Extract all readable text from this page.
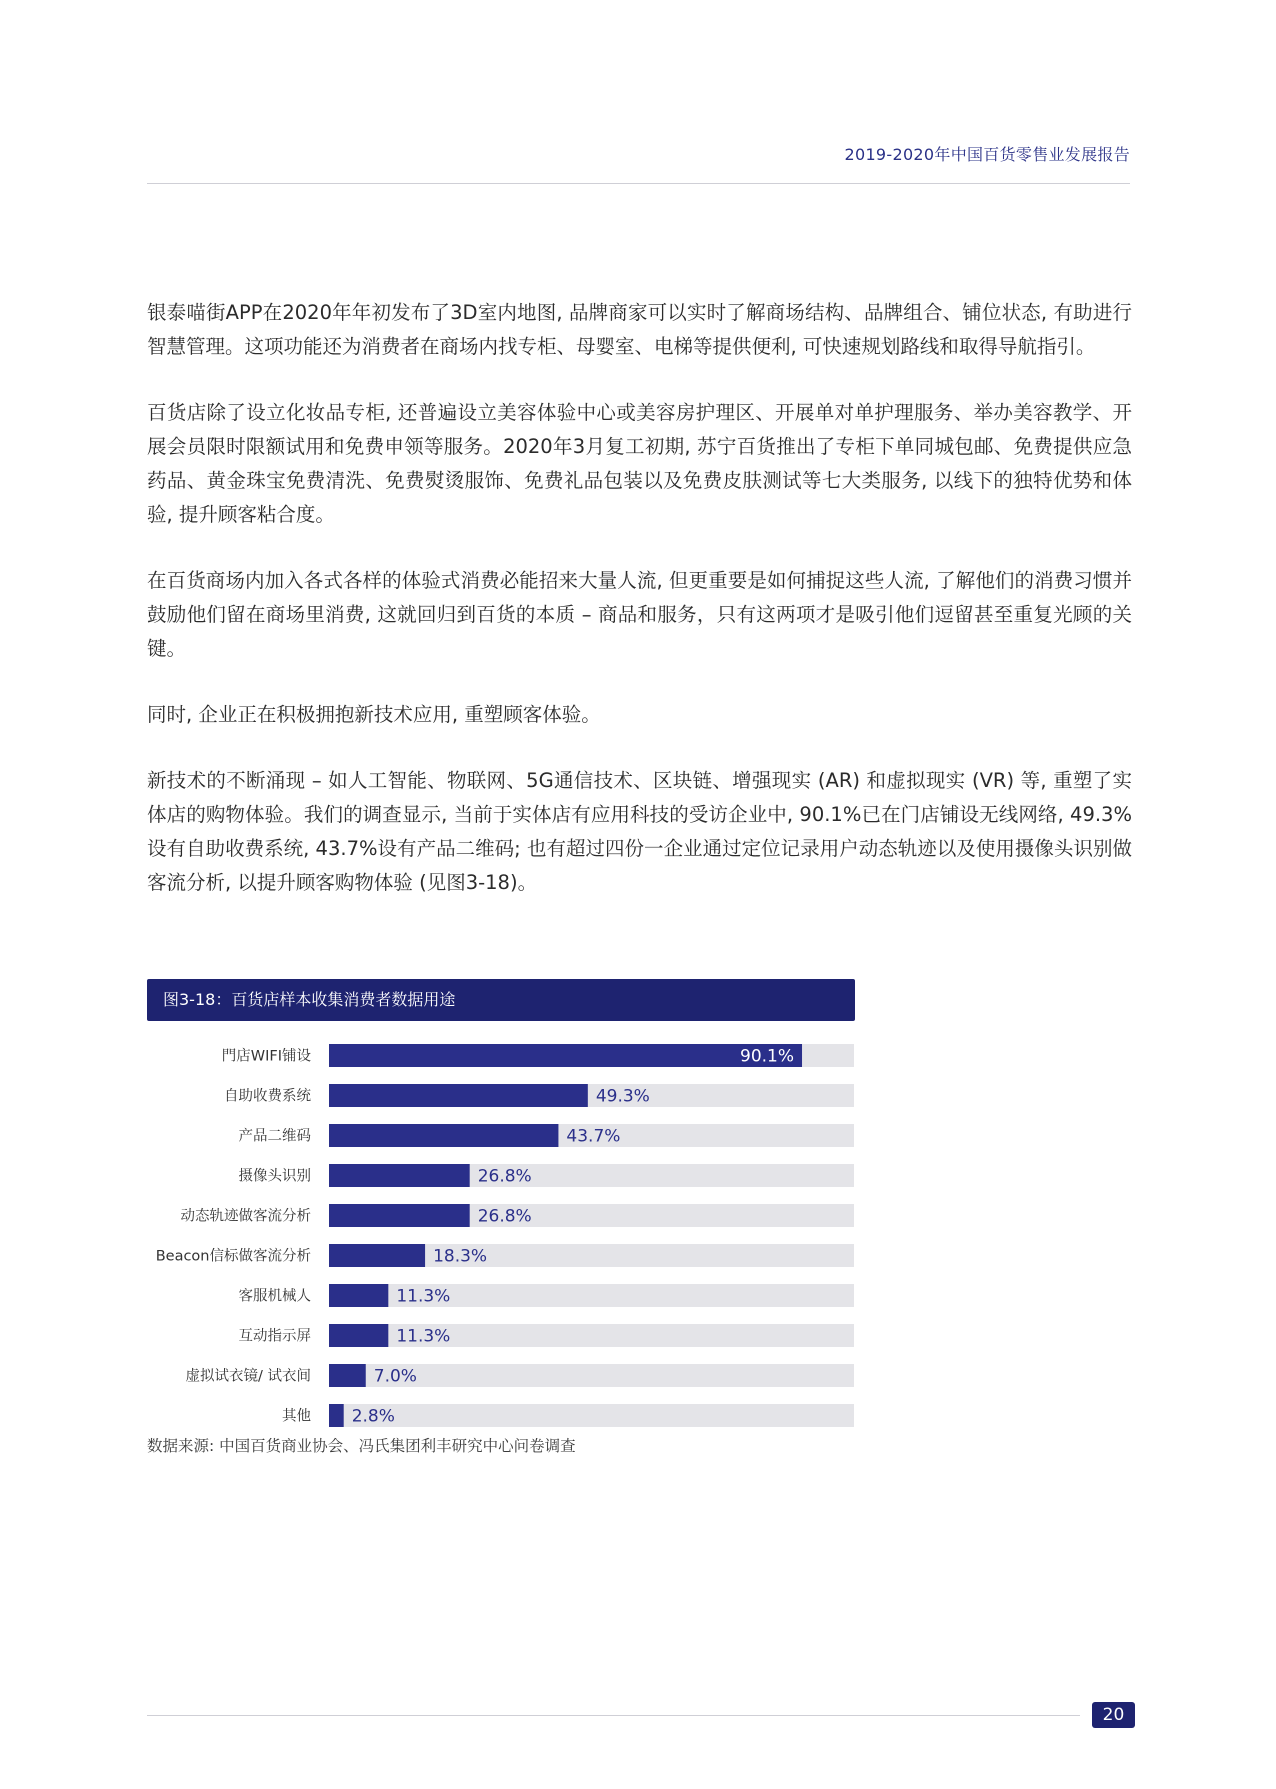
2019-2020年中国百货零售业发展报告

银泰喵街APP在2020年年初发布了3D室内地图, 品牌商家可以实时了解商场结构、品牌组合、铺位状态, 有助进行智慧管理。这项功能还为消费者在商场内找专柜、母婴室、电梯等提供便利, 可快速规划路线和取得导航指引。

百货店除了设立化妆品专柜, 还普遍设立美容体验中心或美容房护理区、开展单对单护理服务、举办美容教学、开展会员限时限额试用和免费申领等服务。2020年3月复工初期, 苏宁百货推出了专柜下单同城包邮、免费提供应急药品、黄金珠宝免费清洗、免费熨烫服饰、免费礼品包装以及免费皮肤测试等七大类服务, 以线下的独特优势和体验, 提升顾客粘合度。

在百货商场内加入各式各样的体验式消费必能招来大量人流, 但更重要是如何捕捉这些人流, 了解他们的消费习惯并鼓励他们留在商场里消费, 这就回归到百货的本质 – 商品和服务，只有这两项才是吸引他们逗留甚至重复光顾的关键。

同时, 企业正在积极拥抱新技术应用, 重塑顾客体验。

新技术的不断涌现 – 如人工智能、物联网、5G通信技术、区块链、增强现实 (AR) 和虚拟现实 (VR) 等, 重塑了实体店的购物体验。我们的调查显示, 当前于实体店有应用科技的受访企业中, 90.1%已在门店铺设无线网络, 49.3%设有自助收费系统, 43.7%设有产品二维码; 也有超过四份一企业通过定位记录用户动态轨迹以及使用摄像头识别做客流分析, 以提升顾客购物体验 (见图3-18)。

图3-18：百货店样本收集消费者数据用途
門店WIFI铺设	90.1%
自助收费系统	49.3%
产品二维码	43.7%
摄像头识别	26.8%
动态轨迹做客流分析	26.8%
Beacon信标做客流分析	18.3%
客服机械人	11.3%
互动指示屏	11.3%
虚拟试衣镜/ 试衣间	7.0%
其他 2.8%
数据来源: 中国百货商业协会、冯氏集团利丰研究中心问卷调查
20
